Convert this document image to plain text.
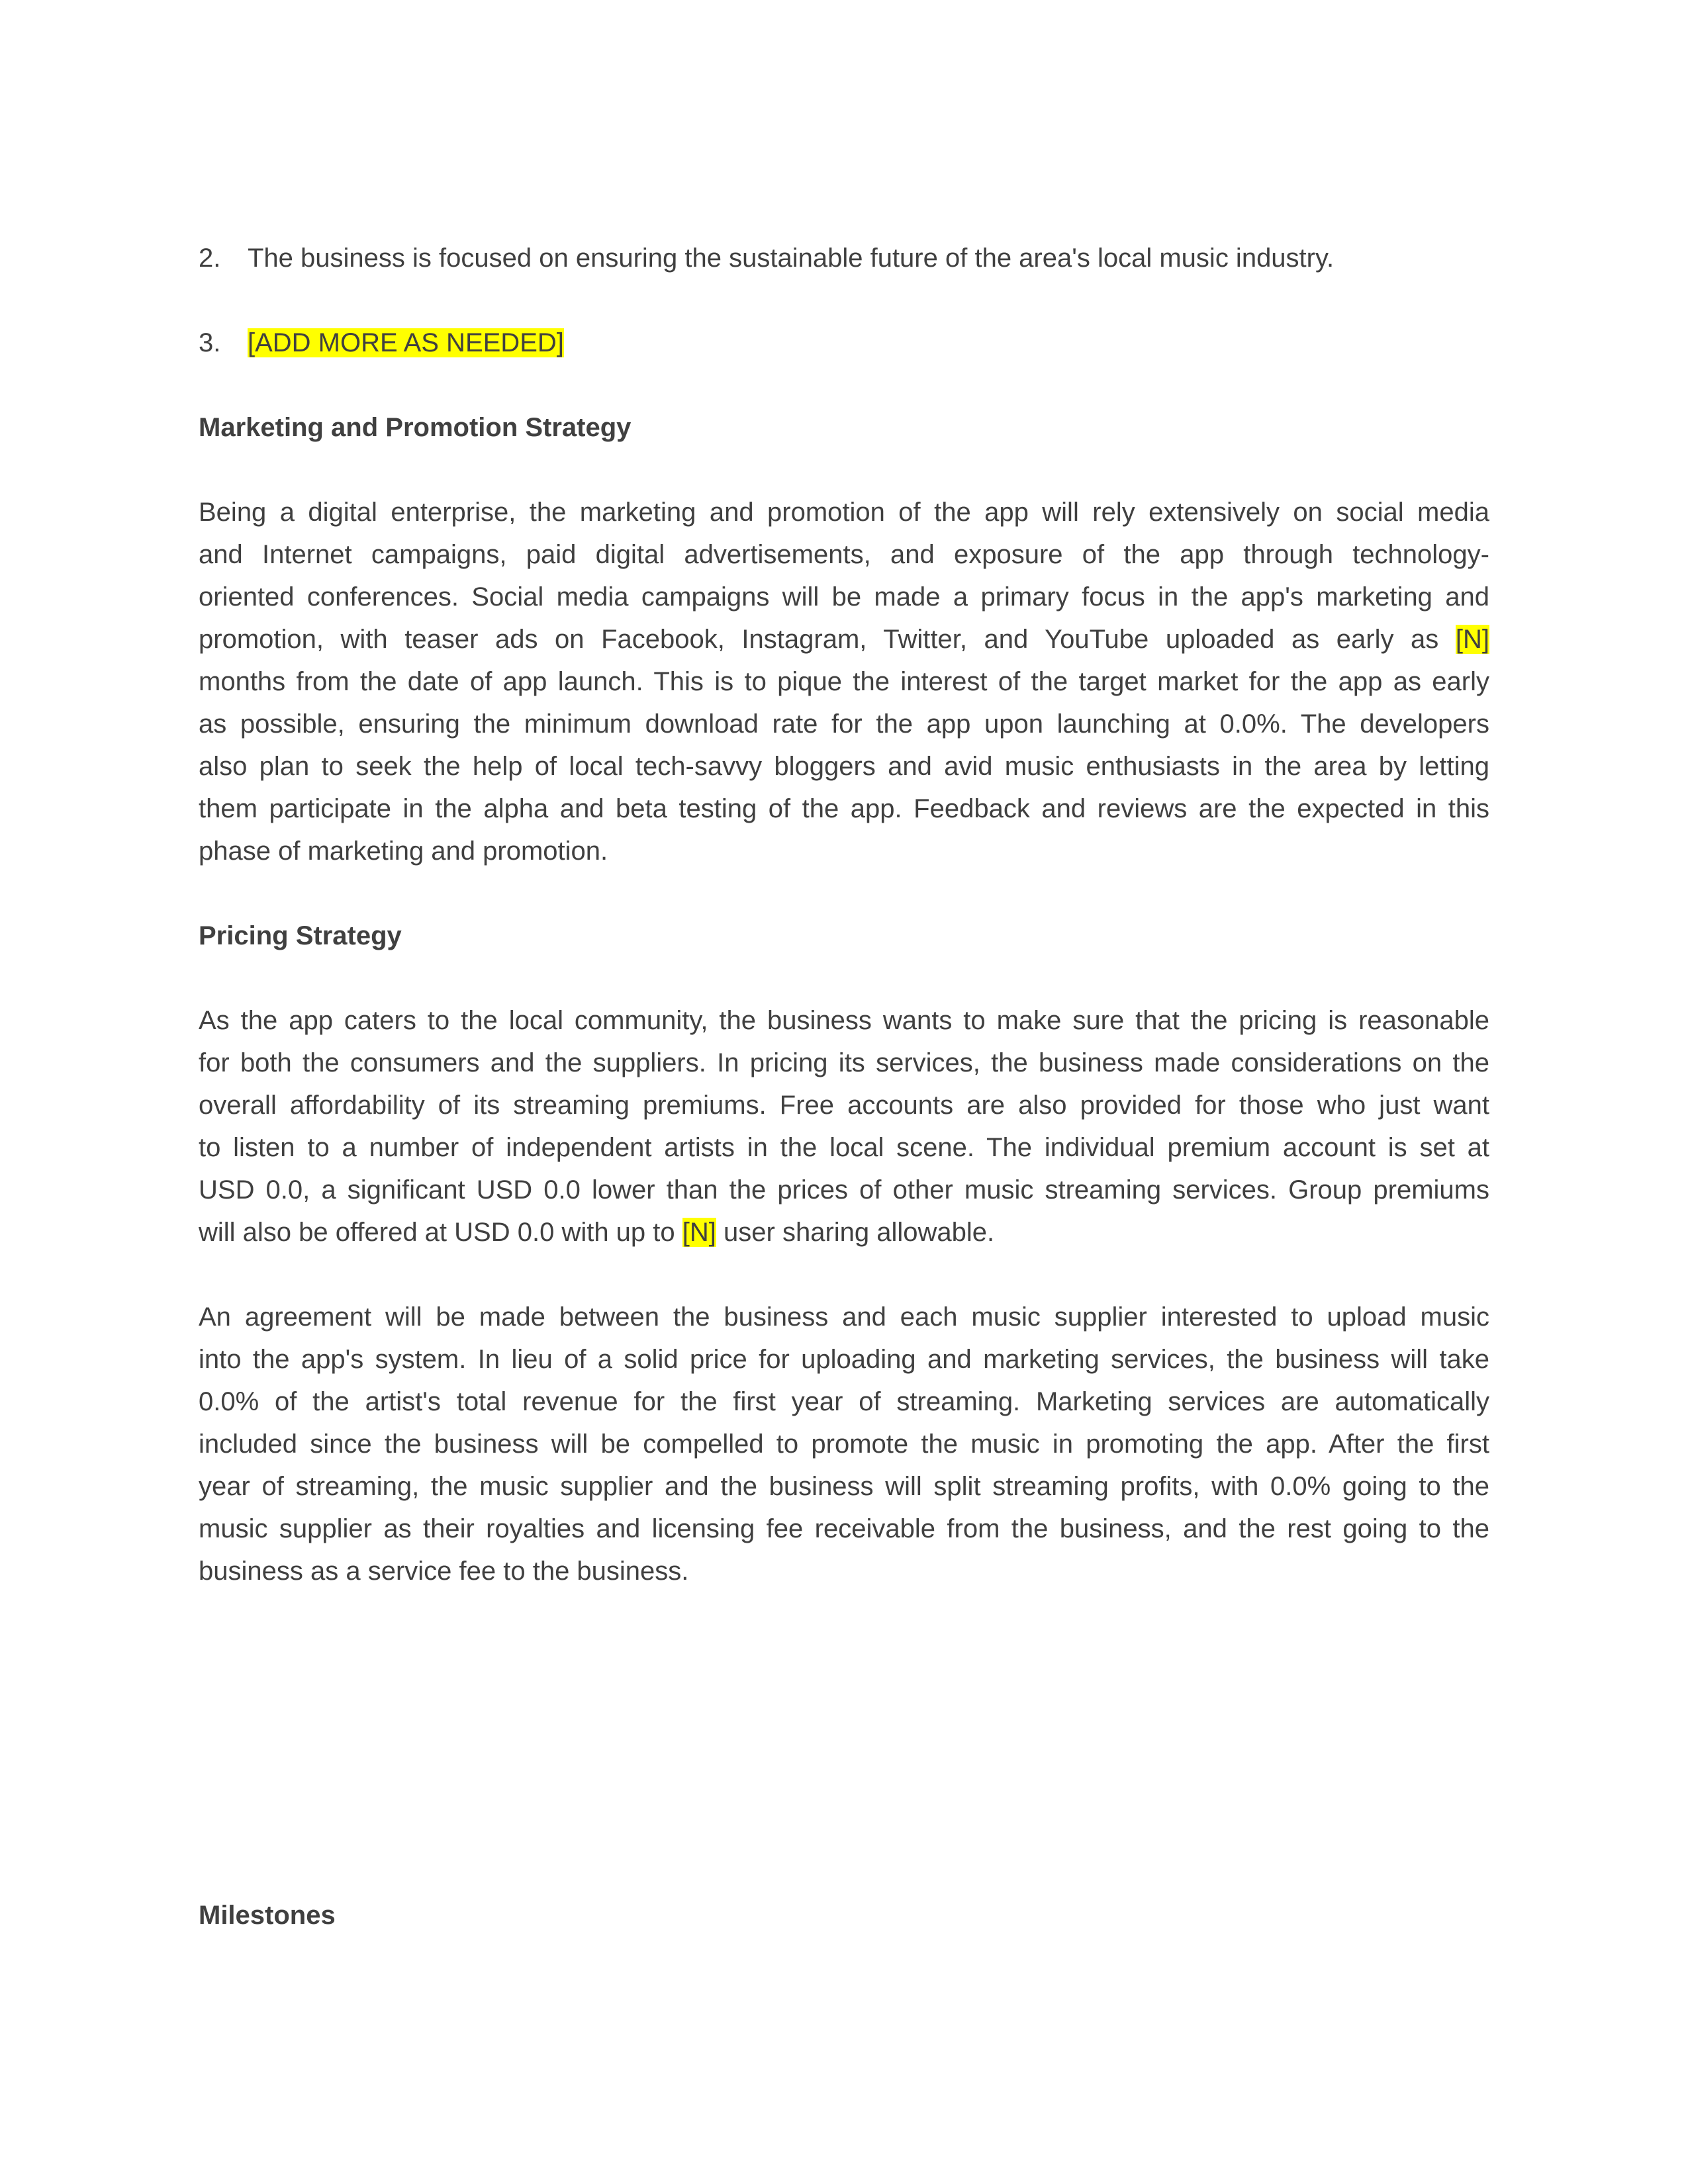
2. The business is focused on ensuring the sustainable future of the area's local music industry.
3. [ADD MORE AS NEEDED]
Marketing and Promotion Strategy
Being a digital enterprise, the marketing and promotion of the app will rely extensively on social media
and Internet campaigns, paid digital advertisements, and exposure of the app through technology-
oriented conferences. Social media campaigns will be made a primary focus in the app's marketing and
promotion, with teaser ads on Facebook, Instagram, Twitter, and YouTube uploaded as early as [N]
months from the date of app launch. This is to pique the interest of the target market for the app as early
as possible, ensuring the minimum download rate for the app upon launching at 0.0%. The developers
also plan to seek the help of local tech-savvy bloggers and avid music enthusiasts in the area by letting
them participate in the alpha and beta testing of the app. Feedback and reviews are the expected in this
phase of marketing and promotion.
Pricing Strategy
As the app caters to the local community, the business wants to make sure that the pricing is reasonable
for both the consumers and the suppliers. In pricing its services, the business made considerations on the
overall affordability of its streaming premiums. Free accounts are also provided for those who just want
to listen to a number of independent artists in the local scene. The individual premium account is set at
USD 0.0, a significant USD 0.0 lower than the prices of other music streaming services. Group premiums
will also be offered at USD 0.0 with up to [N] user sharing allowable.
An agreement will be made between the business and each music supplier interested to upload music
into the app's system. In lieu of a solid price for uploading and marketing services, the business will take
0.0% of the artist's total revenue for the first year of streaming. Marketing services are automatically
included since the business will be compelled to promote the music in promoting the app. After the first
year of streaming, the music supplier and the business will split streaming profits, with 0.0% going to the
music supplier as their royalties and licensing fee receivable from the business, and the rest going to the
business as a service fee to the business.
Milestones
